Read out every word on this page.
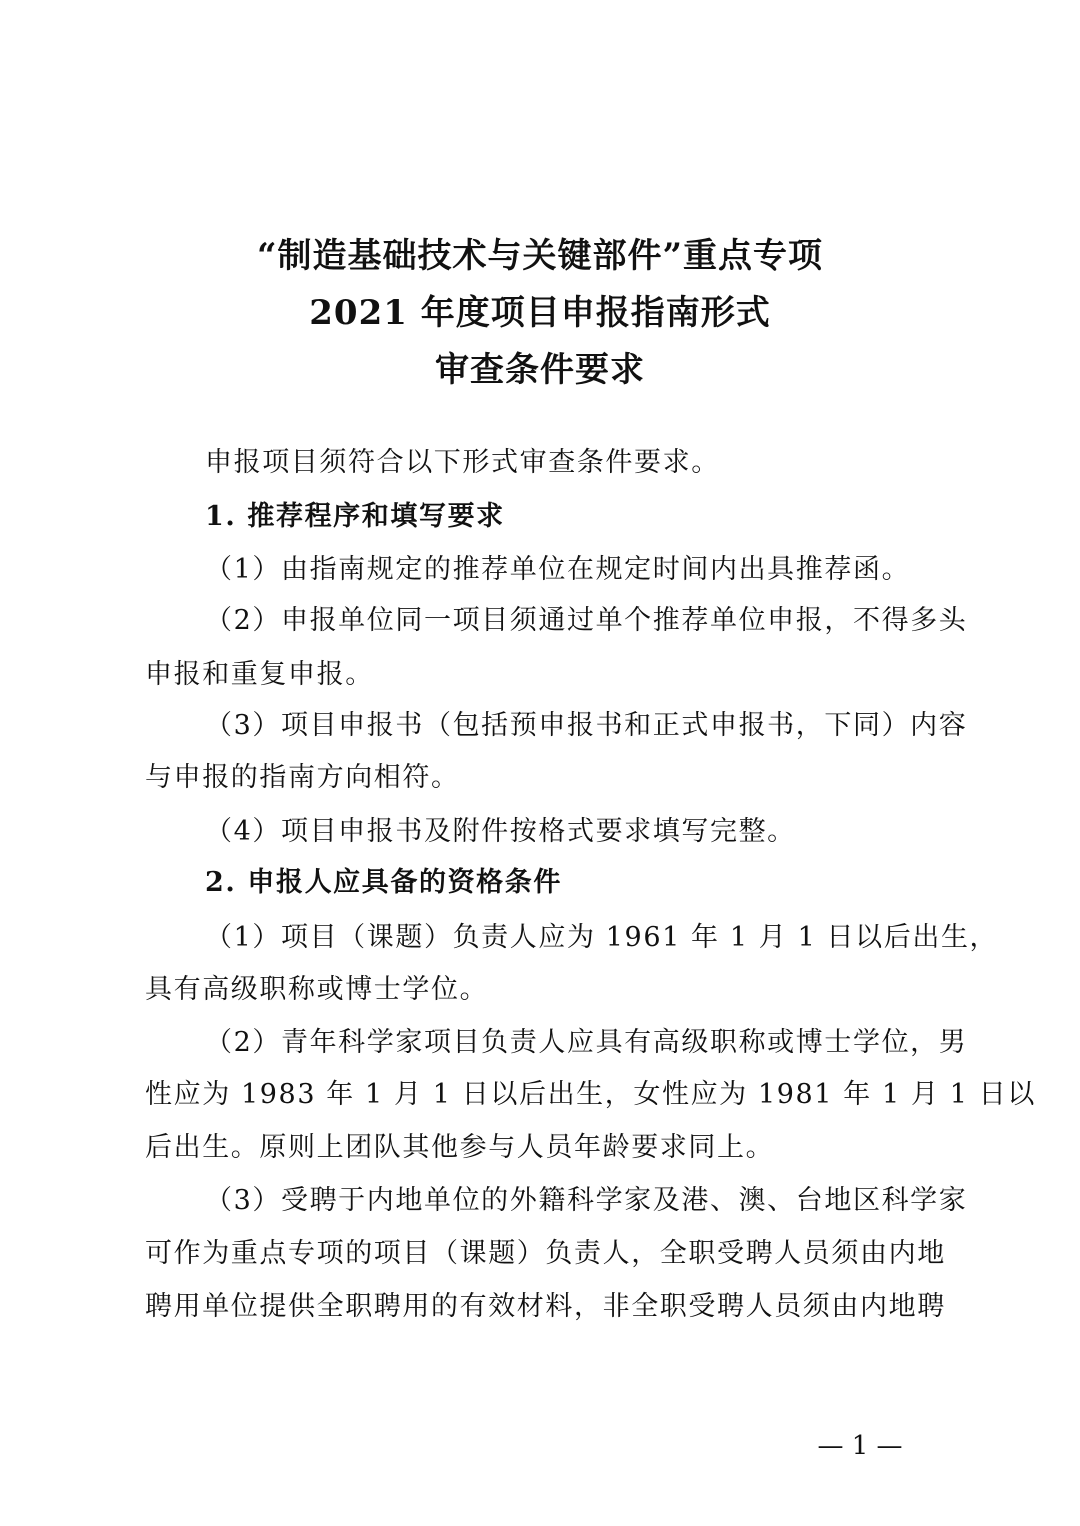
“制造基础技术与关键部件”重点专项
2021 年度项目申报指南形式
审查条件要求
申报项目须符合以下形式审查条件要求。
1. 推荐程序和填写要求
（1）由指南规定的推荐单位在规定时间内出具推荐函。
（2）申报单位同一项目须通过单个推荐单位申报，不得多头
申报和重复申报。
（3）项目申报书（包括预申报书和正式申报书，下同）内容
与申报的指南方向相符。
（4）项目申报书及附件按格式要求填写完整。
2. 申报人应具备的资格条件
（1）项目（课题）负责人应为 1961 年 1 月 1 日以后出生，
具有高级职称或博士学位。
（2）青年科学家项目负责人应具有高级职称或博士学位，男
性应为 1983 年 1 月 1 日以后出生，女性应为 1981 年 1 月 1 日以
后出生。原则上团队其他参与人员年龄要求同上。
（3）受聘于内地单位的外籍科学家及港、澳、台地区科学家
可作为重点专项的项目（课题）负责人，全职受聘人员须由内地
聘用单位提供全职聘用的有效材料，非全职受聘人员须由内地聘
— 1 —
